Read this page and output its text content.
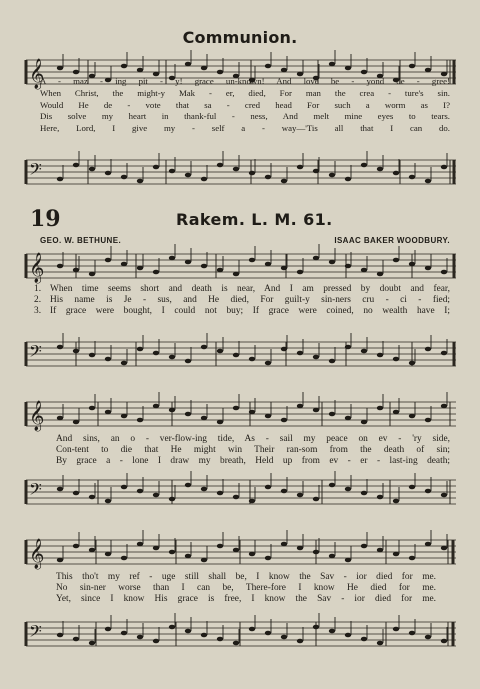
Communion.
𝄞
A - maz - ing pit - y! grace un-known! And love be - yond de - gree!
When Christ, the might-y Mak - er, died, For man the crea - ture's sin.
Would He de - vote that sa - cred head For such a worm as I?
Dis solve my heart in thank-ful - ness, And melt mine eyes to tears.
Here, Lord, I give my - self a - way—'Tis all that I can do.
𝄢
19	Rakem. L. M. 61.
GEO. W. BETHUNE.	ISAAC BAKER WOODBURY.
𝄞
1. When time seems short and death is near, And I am pressed by doubt and fear,
2. His name is Je - sus, and He died, For guilt-y sin-ners cru - ci - fied;
3. If grace were bought, I could not buy; If grace were coined, no wealth have I;
𝄢
𝄞
And sins, an o - ver-flow-ing tide, As - sail my peace on ev - 'ry side,
Con-tent to die that He might win Their ran-som from the death of sin;
By grace a - lone I draw my breath, Held up from ev - er - last-ing death;
𝄢
𝄞
This tho't my ref - uge still shall be, I know the Sav - ior died for me.
No sin-ner worse than I can be, There-fore I know He died for me.
Yet, since I know His grace is free, I know the Sav - ior died for me.
𝄢
